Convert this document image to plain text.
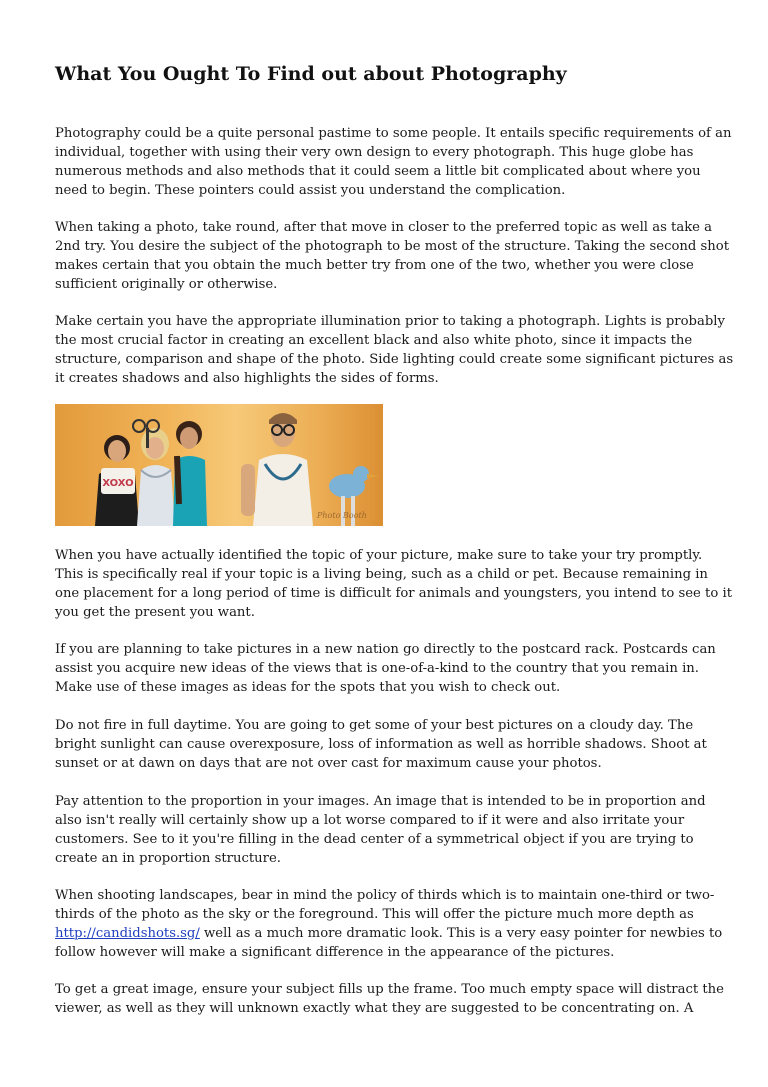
What You Ought To Find out about Photography
Photography could be a quite personal pastime to some people. It entails specific requirements of an
individual, together with using their very own design to every photograph. This huge globe has
numerous methods and also methods that it could seem a little bit complicated about where you
need to begin. These pointers could assist you understand the complication.
When taking a photo, take round, after that move in closer to the preferred topic as well as take a
2nd try. You desire the subject of the photograph to be most of the structure. Taking the second shot
makes certain that you obtain the much better try from one of the two, whether you were close
sufficient originally or otherwise.
Make certain you have the appropriate illumination prior to taking a photograph. Lights is probably
the most crucial factor in creating an excellent black and also white photo, since it impacts the
structure, comparison and shape of the photo. Side lighting could create some significant pictures as
it creates shadows and also highlights the sides of forms.
XOXO
Photo Booth
When you have actually identified the topic of your picture, make sure to take your try promptly.
This is specifically real if your topic is a living being, such as a child or pet. Because remaining in
one placement for a long period of time is difficult for animals and youngsters, you intend to see to it
you get the present you want.
If you are planning to take pictures in a new nation go directly to the postcard rack. Postcards can
assist you acquire new ideas of the views that is one-of-a-kind to the country that you remain in.
Make use of these images as ideas for the spots that you wish to check out.
Do not fire in full daytime. You are going to get some of your best pictures on a cloudy day. The
bright sunlight can cause overexposure, loss of information as well as horrible shadows. Shoot at
sunset or at dawn on days that are not over cast for maximum cause your photos.
Pay attention to the proportion in your images. An image that is intended to be in proportion and
also isn't really will certainly show up a lot worse compared to if it were and also irritate your
customers. See to it you're filling in the dead center of a symmetrical object if you are trying to
create an in proportion structure.
When shooting landscapes, bear in mind the policy of thirds which is to maintain one-third or two-
thirds of the photo as the sky or the foreground. This will offer the picture much more depth as
http://candidshots.sg/ well as a much more dramatic look. This is a very easy pointer for newbies to
follow however will make a significant difference in the appearance of the pictures.
To get a great image, ensure your subject fills up the frame. Too much empty space will distract the
viewer, as well as they will unknown exactly what they are suggested to be concentrating on. A
